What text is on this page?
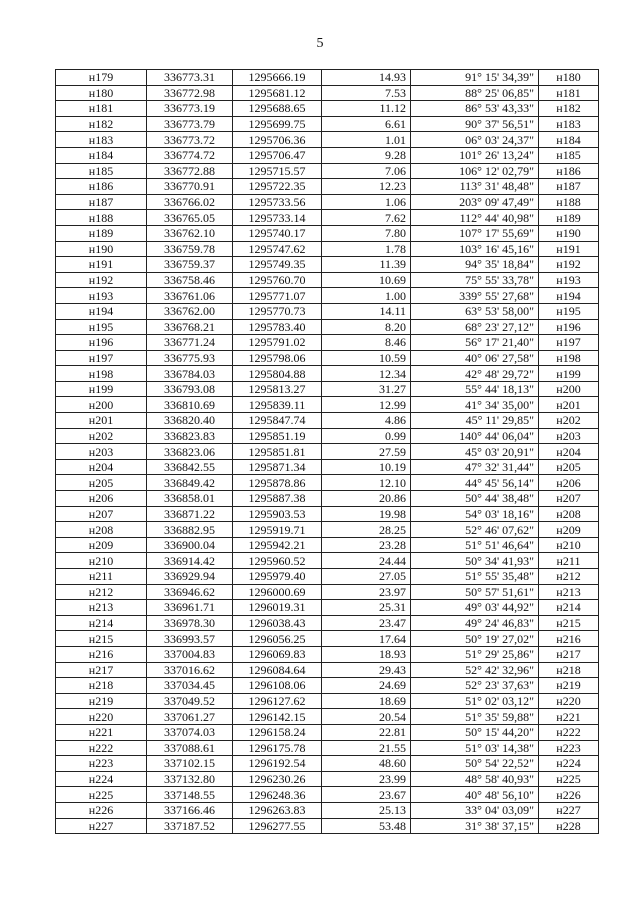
5
н179	336773.31	1295666.19	14.93	91° 15' 34,39"	н180
н180	336772.98	1295681.12	7.53	88° 25' 06,85"	н181
н181	336773.19	1295688.65	11.12	86° 53' 43,33"	н182
н182	336773.79	1295699.75	6.61	90° 37' 56,51"	н183
н183	336773.72	1295706.36	1.01	06° 03' 24,37"	н184
н184	336774.72	1295706.47	9.28	101° 26' 13,24"	н185
н185	336772.88	1295715.57	7.06	106° 12' 02,79"	н186
н186	336770.91	1295722.35	12.23	113° 31' 48,48"	н187
н187	336766.02	1295733.56	1.06	203° 09' 47,49"	н188
н188	336765.05	1295733.14	7.62	112° 44' 40,98"	н189
н189	336762.10	1295740.17	7.80	107° 17' 55,69"	н190
н190	336759.78	1295747.62	1.78	103° 16' 45,16"	н191
н191	336759.37	1295749.35	11.39	94° 35' 18,84"	н192
н192	336758.46	1295760.70	10.69	75° 55' 33,78"	н193
н193	336761.06	1295771.07	1.00	339° 55' 27,68"	н194
н194	336762.00	1295770.73	14.11	63° 53' 58,00"	н195
н195	336768.21	1295783.40	8.20	68° 23' 27,12"	н196
н196	336771.24	1295791.02	8.46	56° 17' 21,40"	н197
н197	336775.93	1295798.06	10.59	40° 06' 27,58"	н198
н198	336784.03	1295804.88	12.34	42° 48' 29,72"	н199
н199	336793.08	1295813.27	31.27	55° 44' 18,13"	н200
н200	336810.69	1295839.11	12.99	41° 34' 35,00"	н201
н201	336820.40	1295847.74	4.86	45° 11' 29,85"	н202
н202	336823.83	1295851.19	0.99	140° 44' 06,04"	н203
н203	336823.06	1295851.81	27.59	45° 03' 20,91"	н204
н204	336842.55	1295871.34	10.19	47° 32' 31,44"	н205
н205	336849.42	1295878.86	12.10	44° 45' 56,14"	н206
н206	336858.01	1295887.38	20.86	50° 44' 38,48"	н207
н207	336871.22	1295903.53	19.98	54° 03' 18,16"	н208
н208	336882.95	1295919.71	28.25	52° 46' 07,62"	н209
н209	336900.04	1295942.21	23.28	51° 51' 46,64"	н210
н210	336914.42	1295960.52	24.44	50° 34' 41,93"	н211
н211	336929.94	1295979.40	27.05	51° 55' 35,48"	н212
н212	336946.62	1296000.69	23.97	50° 57' 51,61"	н213
н213	336961.71	1296019.31	25.31	49° 03' 44,92"	н214
н214	336978.30	1296038.43	23.47	49° 24' 46,83"	н215
н215	336993.57	1296056.25	17.64	50° 19' 27,02"	н216
н216	337004.83	1296069.83	18.93	51° 29' 25,86"	н217
н217	337016.62	1296084.64	29.43	52° 42' 32,96"	н218
н218	337034.45	1296108.06	24.69	52° 23' 37,63"	н219
н219	337049.52	1296127.62	18.69	51° 02' 03,12"	н220
н220	337061.27	1296142.15	20.54	51° 35' 59,88"	н221
н221	337074.03	1296158.24	22.81	50° 15' 44,20"	н222
н222	337088.61	1296175.78	21.55	51° 03' 14,38"	н223
н223	337102.15	1296192.54	48.60	50° 54' 22,52"	н224
н224	337132.80	1296230.26	23.99	48° 58' 40,93"	н225
н225	337148.55	1296248.36	23.67	40° 48' 56,10"	н226
н226	337166.46	1296263.83	25.13	33° 04' 03,09"	н227
н227	337187.52	1296277.55	53.48	31° 38' 37,15"	н228
